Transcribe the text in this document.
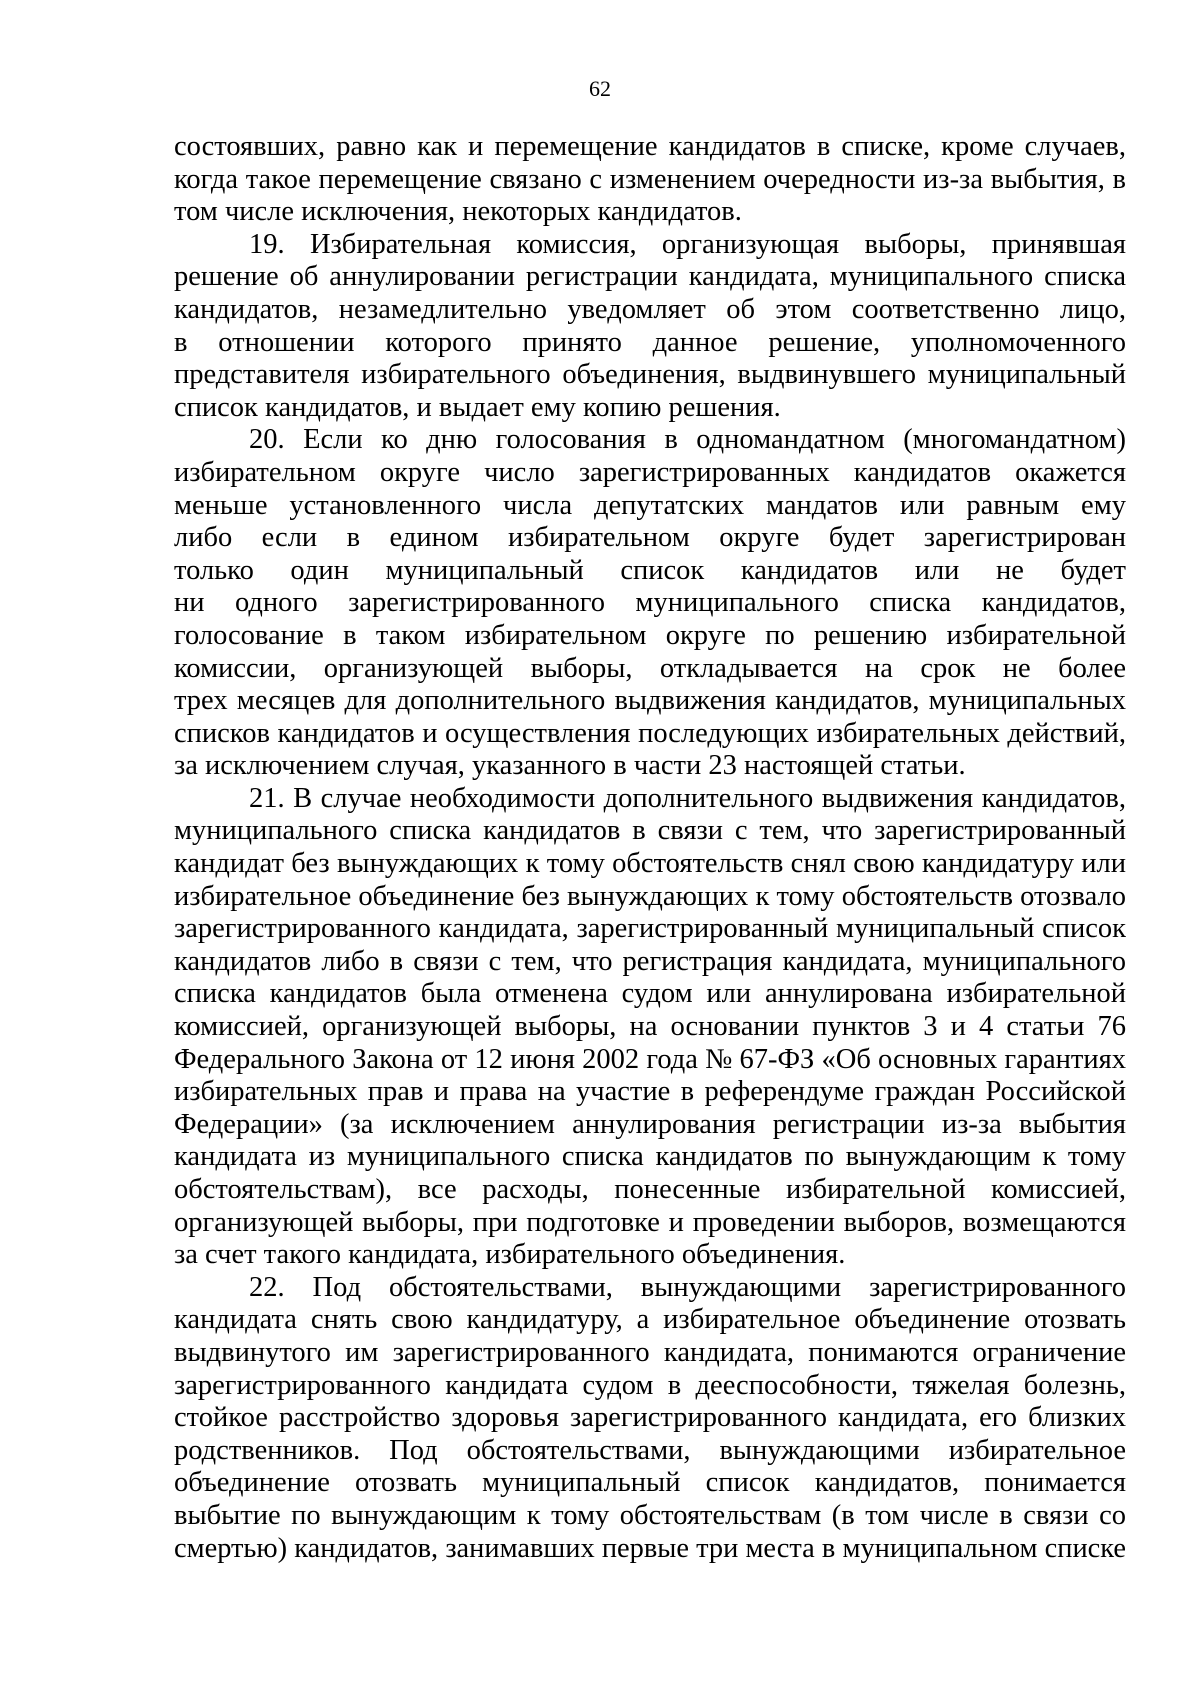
62
состоявших, равно как и перемещение кандидатов в списке, кроме случаев,
когда такое перемещение связано с изменением очередности из-за выбытия, в
том числе исключения, некоторых кандидатов.
19. Избирательная комиссия, организующая выборы, принявшая
решение об аннулировании регистрации кандидата, муниципального списка
кандидатов, незамедлительно уведомляет об этом соответственно лицо,
в отношении которого принято данное решение, уполномоченного
представителя избирательного объединения, выдвинувшего муниципальный
список кандидатов, и выдает ему копию решения.
20. Если ко дню голосования в одномандатном (многомандатном)
избирательном округе число зарегистрированных кандидатов окажется
меньше установленного числа депутатских мандатов или равным ему
либо если в едином избирательном округе будет зарегистрирован
только один муниципальный список кандидатов или не будет
ни одного зарегистрированного муниципального списка кандидатов,
голосование в таком избирательном округе по решению избирательной
комиссии, организующей выборы, откладывается на срок не более
трех месяцев для дополнительного выдвижения кандидатов, муниципальных
списков кандидатов и осуществления последующих избирательных действий,
за исключением случая, указанного в части 23 настоящей статьи.
21. В случае необходимости дополнительного выдвижения кандидатов,
муниципального списка кандидатов в связи с тем, что зарегистрированный
кандидат без вынуждающих к тому обстоятельств снял свою кандидатуру или
избирательное объединение без вынуждающих к тому обстоятельств отозвало
зарегистрированного кандидата, зарегистрированный муниципальный список
кандидатов либо в связи с тем, что регистрация кандидата, муниципального
списка кандидатов была отменена судом или аннулирована избирательной
комиссией, организующей выборы, на основании пунктов 3 и 4 статьи 76
Федерального Закона от 12 июня 2002 года № 67-ФЗ «Об основных гарантиях
избирательных прав и права на участие в референдуме граждан Российской
Федерации» (за исключением аннулирования регистрации из-за выбытия
кандидата из муниципального списка кандидатов по вынуждающим к тому
обстоятельствам), все расходы, понесенные избирательной комиссией,
организующей выборы, при подготовке и проведении выборов, возмещаются
за счет такого кандидата, избирательного объединения.
22. Под обстоятельствами, вынуждающими зарегистрированного
кандидата снять свою кандидатуру, а избирательное объединение отозвать
выдвинутого им зарегистрированного кандидата, понимаются ограничение
зарегистрированного кандидата судом в дееспособности, тяжелая болезнь,
стойкое расстройство здоровья зарегистрированного кандидата, его близких
родственников. Под обстоятельствами, вынуждающими избирательное
объединение отозвать муниципальный список кандидатов, понимается
выбытие по вынуждающим к тому обстоятельствам (в том числе в связи со
смертью) кандидатов, занимавших первые три места в муниципальном списке
